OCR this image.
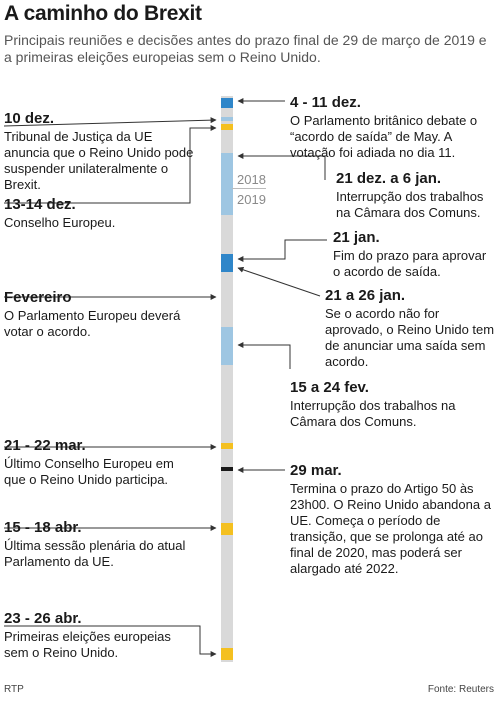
A caminho do Brexit
Principais reuniões e decisões antes do prazo final de 29 de março de 2019 e a primeiras eleições europeias sem o Reino Unido.
2018
2019
10 dez.
Tribunal de Justiça da UE anuncia que o Reino Unido pode suspender unilateralmente o Brexit.
13-14 dez.
Conselho Europeu.
Fevereiro
O Parlamento Europeu deverá votar o acordo.
21 - 22 mar.
Último Conselho Europeu em que o Reino Unido participa.
15 - 18 abr.
Última sessão plenária do atual Parlamento da UE.
23 - 26 abr.
Primeiras eleições europeias sem o Reino Unido.
4 - 11 dez.
O Parlamento britânico debate o “acordo de saída” de May. A votação foi adiada no dia 11.
21 dez. a 6 jan.
Interrupção dos trabalhos na Câmara dos Comuns.
21 jan.
Fim do prazo para aprovar o acordo de saída.
21 a 26 jan.
Se o acordo não for aprovado, o Reino Unido tem de anunciar uma saída sem acordo.
15 a 24 fev.
Interrupção dos trabalhos na Câmara dos Comuns.
29 mar.
Termina o prazo do Artigo 50 às 23h00. O Reino Unido abandona a UE. Começa o período de transição, que se prolonga até ao final de 2020, mas poderá ser alargado até 2022.
RTP	Fonte: Reuters
